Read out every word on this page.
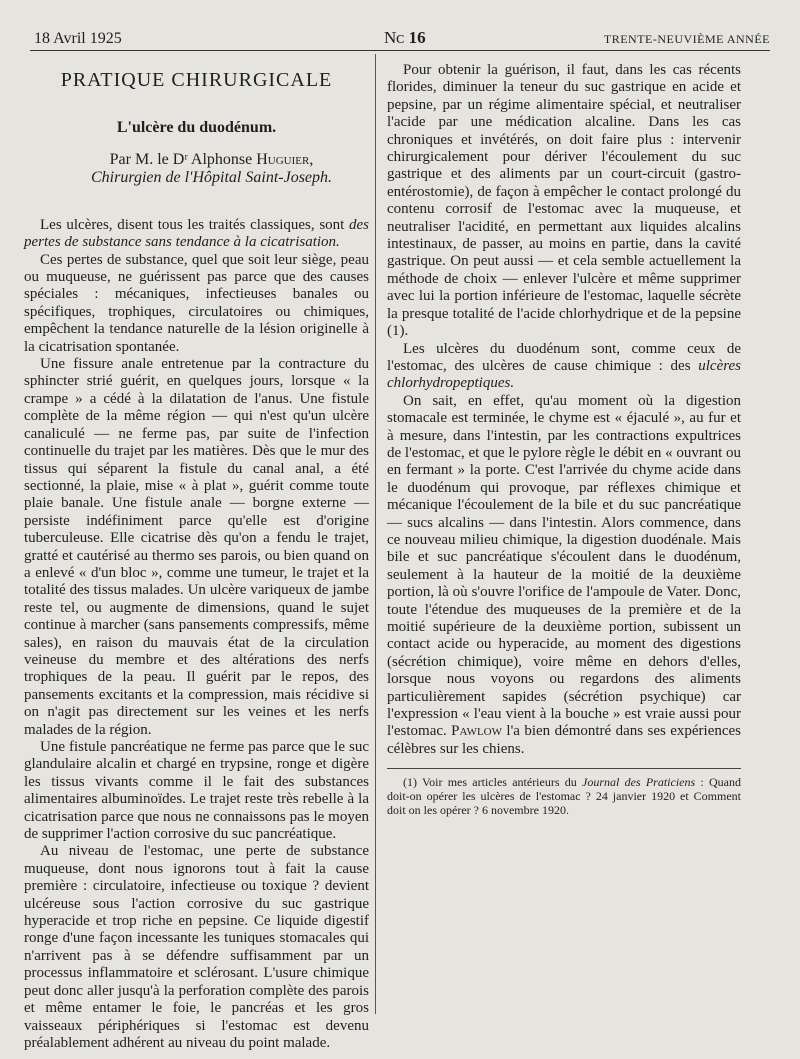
18 Avril 1925	Nᴄ 16	TRENTE-NEUVIÈME ANNÉE
PRATIQUE CHIRURGICALE
L'ulcère du duodénum.
Par M. le Dʳ Alphonse Huguier,
Chirurgien de l'Hôpital Saint-Joseph.

Les ulcères, disent tous les traités classiques, sont des pertes de substance sans tendance à la cicatrisation.

Ces pertes de substance, quel que soit leur siège, peau ou muqueuse, ne guérissent pas parce que des causes spéciales : mécaniques, infectieuses banales ou spécifiques, trophiques, circulatoires ou chimiques, empêchent la tendance naturelle de la lésion originelle à la cicatrisation spontanée.

Une fissure anale entretenue par la contracture du sphincter strié guérit, en quelques jours, lorsque « la crampe » a cédé à la dilatation de l'anus. Une fistule complète de la même région — qui n'est qu'un ulcère canaliculé — ne ferme pas, par suite de l'infection continuelle du trajet par les matières. Dès que le mur des tissus qui séparent la fistule du canal anal, a été sectionné, la plaie, mise « à plat », guérit comme toute plaie banale. Une fistule anale — borgne externe — persiste indéfiniment parce qu'elle est d'origine tuberculeuse. Elle cicatrise dès qu'on a fendu le trajet, gratté et cautérisé au thermo ses parois, ou bien quand on a enlevé « d'un bloc », comme une tumeur, le trajet et la totalité des tissus malades. Un ulcère variqueux de jambe reste tel, ou augmente de dimensions, quand le sujet continue à marcher (sans pansements compressifs, même sales), en raison du mauvais état de la circulation veineuse du membre et des altérations des nerfs trophiques de la peau. Il guérit par le repos, des pansements excitants et la compression, mais récidive si on n'agit pas directement sur les veines et les nerfs malades de la région.

Une fistule pancréatique ne ferme pas parce que le suc glandulaire alcalin et chargé en trypsine, ronge et digère les tissus vivants comme il le fait des substances alimentaires albuminoïdes. Le trajet reste très rebelle à la cicatrisation parce que nous ne connaissons pas le moyen de supprimer l'action corrosive du suc pancréatique.

Au niveau de l'estomac, une perte de substance muqueuse, dont nous ignorons tout à fait la cause première : circulatoire, infectieuse ou toxique ? devient ulcéreuse sous l'action corrosive du suc gastrique hyperacide et trop riche en pepsine. Ce liquide digestif ronge d'une façon incessante les tuniques stomacales qui n'arrivent pas à se défendre suffisamment par un processus inflammatoire et sclérosant. L'usure chimique peut donc aller jusqu'à la perforation complète des parois et même entamer le foie, le pancréas et les gros vaisseaux périphériques si l'estomac est devenu préalablement adhérent au niveau du point malade.

Pour obtenir la guérison, il faut, dans les cas récents florides, diminuer la teneur du suc gastrique en acide et pepsine, par un régime alimentaire spécial, et neutraliser l'acide par une médication alcaline. Dans les cas chroniques et invétérés, on doit faire plus : intervenir chirurgicalement pour dériver l'écoulement du suc gastrique et des aliments par un court-circuit (gastro-entérostomie), de façon à empêcher le contact prolongé du contenu corrosif de l'estomac avec la muqueuse, et neutraliser l'acidité, en permettant aux liquides alcalins intestinaux, de passer, au moins en partie, dans la cavité gastrique. On peut aussi — et cela semble actuellement la méthode de choix — enlever l'ulcère et même supprimer avec lui la portion inférieure de l'estomac, laquelle sécrète la presque totalité de l'acide chlorhydrique et de la pepsine (1).

Les ulcères du duodénum sont, comme ceux de l'estomac, des ulcères de cause chimique : des ulcères chlorhydropeptiques.

On sait, en effet, qu'au moment où la digestion stomacale est terminée, le chyme est « éjaculé », au fur et à mesure, dans l'intestin, par les contractions expultrices de l'estomac, et que le pylore règle le débit en « ouvrant ou en fermant » la porte. C'est l'arrivée du chyme acide dans le duodénum qui provoque, par réflexes chimique et mécanique l'écoulement de la bile et du suc pancréatique — sucs alcalins — dans l'intestin. Alors commence, dans ce nouveau milieu chimique, la digestion duodénale. Mais bile et suc pancréatique s'écoulent dans le duodénum, seulement à la hauteur de la moitié de la deuxième portion, là où s'ouvre l'orifice de l'ampoule de Vater. Donc, toute l'étendue des muqueuses de la première et de la moitié supérieure de la deuxième portion, subissent un contact acide ou hyperacide, au moment des digestions (sécrétion chimique), voire même en dehors d'elles, lorsque nous voyons ou regardons des aliments particulièrement sapides (sécrétion psychique) car l'expression « l'eau vient à la bouche » est vraie aussi pour l'estomac. Pawlow l'a bien démontré dans ses expériences célèbres sur les chiens.

(1) Voir mes articles antérieurs du Journal des Praticiens : Quand doit-on opérer les ulcères de l'estomac ? 24 janvier 1920 et Comment doit on les opérer ? 6 novembre 1920.
